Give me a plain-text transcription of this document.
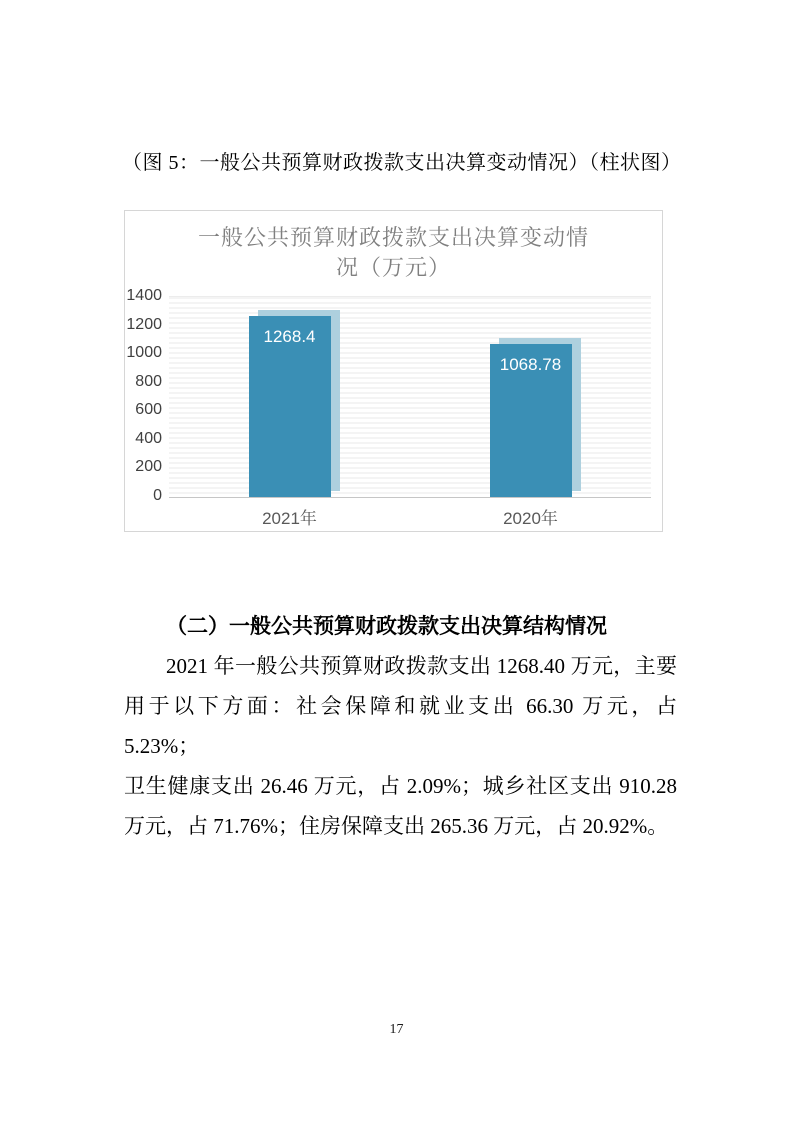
（图 5：一般公共预算财政拨款支出决算变动情况）（柱状图）
一般公共预算财政拨款支出决算变动情况（万元）
1400
1200
1000
800
600
400
200
0
1268.4
1068.78
2021年	2020年
（二）一般公共预算财政拨款支出决算结构情况
2021 年一般公共预算财政拨款支出 1268.40 万元，主要
用于以下方面：社会保障和就业支出 66.30 万元，占 5.23%；
卫生健康支出 26.46 万元，占 2.09%；城乡社区支出 910.28
万元，占 71.76%；住房保障支出 265.36 万元，占 20.92%。
17
